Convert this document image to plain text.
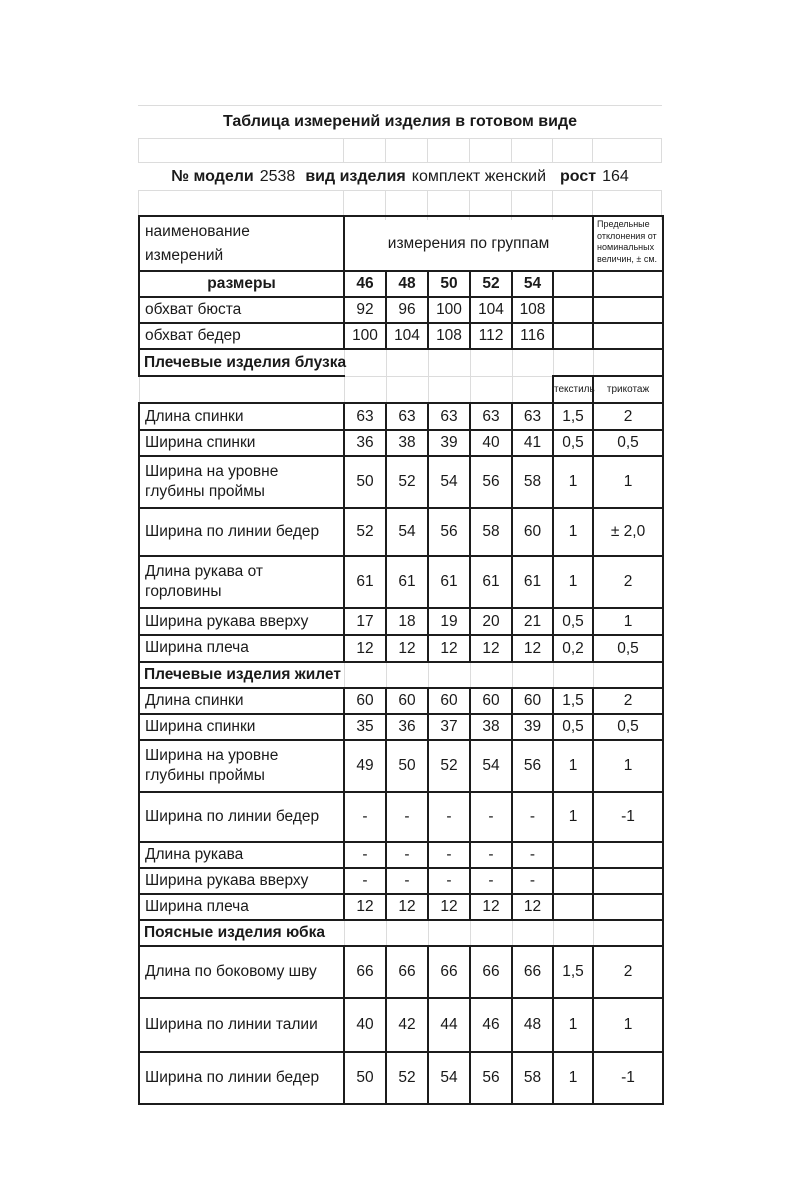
Таблица измерений изделия в готовом виде
№ модели 2538 вид изделия комплект женский рост 164
наименование
измерений	измерения по группам						Предельные отклонения от номинальных величин, ± см.
размеры	46	48	50	52	54		
обхват бюста	92	96	100	104	108		
обхват бедер	100	104	108	112	116		
Плечевые изделия блузка							
						текстиль	трикотаж
Длина спинки	63	63	63	63	63	1,5	2
Ширина спинки	36	38	39	40	41	0,5	0,5
Ширина на уровне глубины проймы	50	52	54	56	58	1	1
Ширина по линии бедер	52	54	56	58	60	1	± 2,0
Длина рукава от горловины	61	61	61	61	61	1	2
Ширина рукава вверху	17	18	19	20	21	0,5	1
Ширина плеча	12	12	12	12	12	0,2	0,5
Плечевые изделия жилет							
Длина спинки	60	60	60	60	60	1,5	2
Ширина спинки	35	36	37	38	39	0,5	0,5
Ширина на уровне глубины проймы	49	50	52	54	56	1	1
Ширина по линии бедер	-	-	-	-	-	1	-1
Длина рукава	-	-	-	-	-		
Ширина рукава вверху	-	-	-	-	-		
Ширина плеча	12	12	12	12	12		
Поясные изделия юбка							
Длина по боковому шву	66	66	66	66	66	1,5	2
Ширина по линии талии	40	42	44	46	48	1	1
Ширина по линии бедер	50	52	54	56	58	1	-1
